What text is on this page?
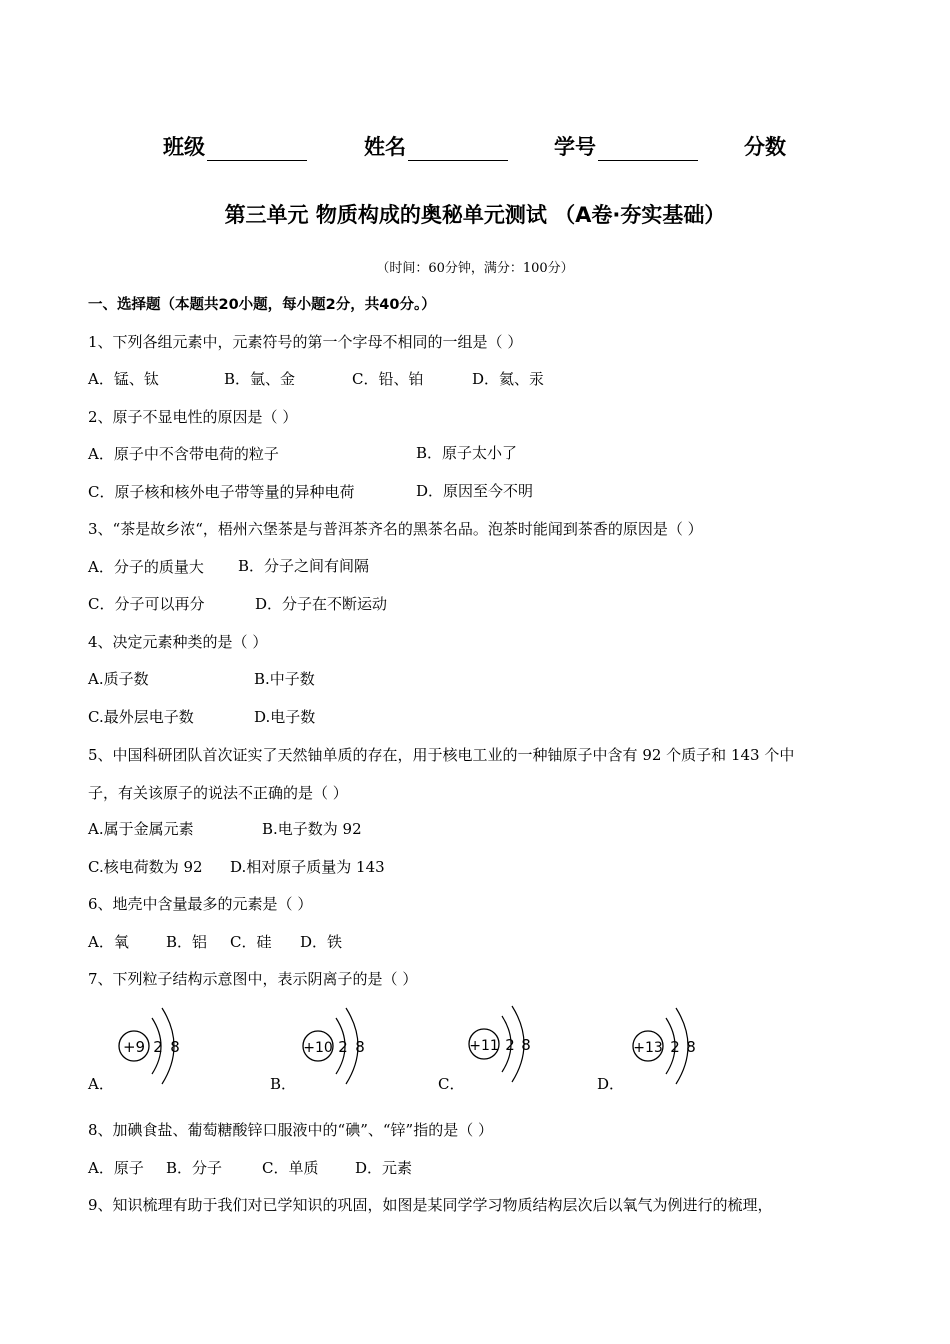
班级	姓名	学号	分数
第三单元 物质构成的奥秘单元测试 （A卷·夯实基础）
（时间：60分钟，满分：100分）
一、选择题（本题共20小题，每小题2分，共40分。）
1、下列各组元素中，元素符号的第一个字母不相同的一组是（ ）
A．锰、钛	B．氩、金	C．铅、铂	D．氦、汞
2、原子不显电性的原因是（ ）
A．原子中不含带电荷的粒子	B．原子太小了
C．原子核和核外电子带等量的异种电荷	D．原因至今不明
3、“茶是故乡浓“，梧州六堡茶是与普洱茶齐名的黑茶名品。泡茶时能闻到茶香的原因是（ ）
A．分子的质量大 B．分子之间有间隔
C．分子可以再分	D．分子在不断运动
4、决定元素种类的是（ ）
A.质子数	B.中子数
C.最外层电子数	D.电子数
5、中国科研团队首次证实了天然铀单质的存在，用于核电工业的一种铀原子中含有 92 个质子和 143 个中
子，有关该原子的说法不正确的是（ ）
A.属于金属元素	B.电子数为 92
C.核电荷数为 92 D.相对原子质量为 143
6、地壳中含量最多的元素是（ ）
A．氧 B．铝 C．硅 D．铁
7、下列粒子结构示意图中，表示阴离子的是（ ）
A．	B．	C．	D．
+9 2 8	+10 2 8	+11 2 8	+13 2 8
8、加碘食盐、葡萄糖酸锌口服液中的“碘”、“锌”指的是（ ）
A．原子 B．分子	C．单质 D．元素
9、知识梳理有助于我们对已学知识的巩固，如图是某同学学习物质结构层次后以氧气为例进行的梳理，
